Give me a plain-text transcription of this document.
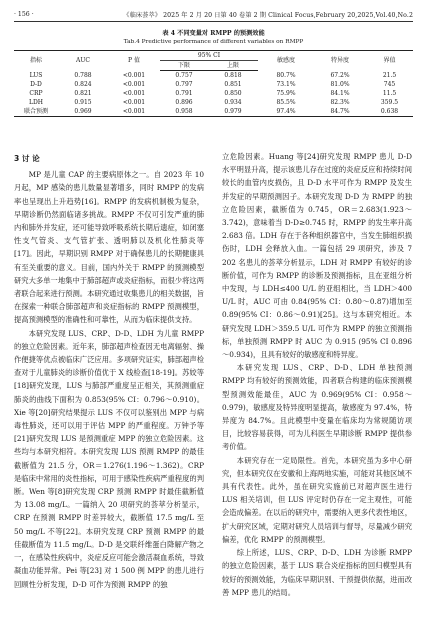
· 156 ·	《临床荟萃》 2025 年 2 月 20 日第 40 卷第 2 期 Clinical Focus,February 20,2025,Vol.40,No.2
表 4 不同变量对 RMPP 的预测效能
Tab.4 Predictive performance of different variables on RMPP
指标	AUC	P 值	95% CI		敏感度	特异度	界值
			下限	上限			
LUS	0.788	<0.001	0.757	0.818	80.7%	67.2%	21.5
D-D	0.824	<0.001	0.797	0.851	73.1%	81.0%	745
CRP	0.821	<0.001	0.791	0.850	75.9%	84.1%	11.5
LDH	0.915	<0.001	0.896	0.934	85.5%	82.3%	359.5
联合预测	0.969	<0.001	0.958	0.979	97.4%	84.7%	0.638

3 讨 论

MP 是儿童 CAP 的主要病原体之一。自 2023 年 10 月起，MP 感染的患儿数量显著增多，同时 RMPP 的发病率也呈现出上升趋势[16]。RMPP 的发病机制极为复杂，早期诊断仍然面临诸多挑战。RMPP 不仅可引发严重的肺内和肺外并发症，还可能导致呼吸系统长期后遗症，如闭塞性支气管炎、支气管扩张、透明肺以及机化性肺炎等[17]。因此，早期识别 RMPP 对于确保患儿的长期健康具有至关重要的意义。目前，国内外关于 RMPP 的预测模型研究大多单一地集中于肺部超声或炎症指标，而很少将这两者联合起来进行预测。本研究通过收集患儿的相关数据，旨在探索一种联合肺部超声和炎症指标的 RMPP 预测模型，提高预测模型的准确性和可靠性，从而为临床提供支持。

本研究发现 LUS、CRP、D-D、LDH 为儿童 RMPP 的独立危险因素。近年来，肺部超声检查因无电离辐射、操作便捷等优点被临床广泛应用。多项研究证实，肺部超声检查对于儿童肺炎的诊断价值优于 X 线检查[18-19]。苏姣等[18]研究发现，LUS 与肺部严重度呈正相关，其预测重症肺炎的曲线下面积为 0.853(95% CI：0.796～0.910)。Xie 等[20]研究结果提示 LUS 不仅可以鉴别出 MPP 与病毒性肺炎，还可以用于评估 MPP 的严重程度。万钟予等[21]研究发现 LUS 是预测重症 MPP 的独立危险因素。这些均与本研究相符。本研究发现 LUS 预测 RMPP 的最佳截断值为 21.5 分，OR＝1.276(1.196～1.362)。CRP 是临床中常用的炎性指标，可用于感染性疾病严重程度的判断。Wen 等[8]研究发现 CRP 预测 RMPP 时最佳截断值为 13.08 mg/L。一篇纳入 20 项研究的荟萃分析显示，CRP 在预测 RMPP 时差异较大，截断值 17.5 mg/L 至 50 mg/L 不等[22]。本研究发现 CRP 预测 RMPP 的最佳截断值为 11.5 mg/L。D-D 是交联纤维蛋白降解产物之一，在感染性疾病中，炎症反应可能会激活凝血系统，导致凝血功能异常。Pei 等[23] 对 1 500 例 MPP 的患儿进行回顾性分析发现，D-D 可作为预测 RMPP 的独

立危险因素。Huang 等[24]研究发现 RMPP 患儿 D-D 水平明显升高，提示该患儿存在过度的炎症反应和持续时间较长的血管内皮损伤，且 D-D 水平可作为 RMPP 及发生并发症的早期预测因子。本研究发现 D-D 为 RMPP 的独立危险因素，截断值为 0.745，OR＝2.683(1.923～3.742)，意味着当 D-D≥0.745 时，RMPP 的发生率升高 2.683 倍。LDH 存在于各种组织器官中，当发生肺组织损伤时，LDH 会释放入血。一篇包括 29 项研究，涉及 7 202 名患儿的荟萃分析显示，LDH 对 RMPP 有较好的诊断价值，可作为 RMPP 的诊断及预测指标，且在亚组分析中发现，与 LDH≤400 U/L 的亚组相比，当 LDH＞400 U/L 时，AUC 可由 0.84(95% CI：0.80～0.87)增加至 0.89(95% CI：0.86～0.91)[25]。这与本研究相近。本研究发现 LDH＞359.5 U/L 可作为 RMPP 的独立预测指标，单独预测 RMPP 时 AUC 为 0.915 (95% CI 0.896～0.934)，且具有较好的敏感度和特异度。

本研究发现 LUS、CRP、D-D、LDH 单独预测 RMPP 均有较好的预测效能，四者联合构建的临床预测模型预测效能最佳，AUC 为 0.969(95% CI：0.958～0.979)，敏感度及特异度明显提高，敏感度为 97.4%，特异度为 84.7%。且此模型中变量在临床均为常规随访项目，比较容易获得，可为儿科医生早期诊断 RMPP 提供参考价值。

本研究存在一定局限性。首先，本研究虽为多中心研究，但本研究仅在安徽和上海两地实施，可能对其他区域不具有代表性。此外，虽在研究实施前已对超声医生进行 LUS 相关培训，但 LUS 评定时仍存在一定主观性，可能会造成偏差。在以后的研究中，需要纳入更多代表性地区，扩大研究区域，定期对研究人员培训与督导，尽量减少研究偏差，优化 RMPP 的预测模型。

综上所述，LUS、CRP、D-D、LDH 为诊断 RMPP 的独立危险因素，基于 LUS 联合炎症指标的回归模型具有较好的预测效能，为临床早期识别、干预提供依据，进而改善 MPP 患儿的结局。
